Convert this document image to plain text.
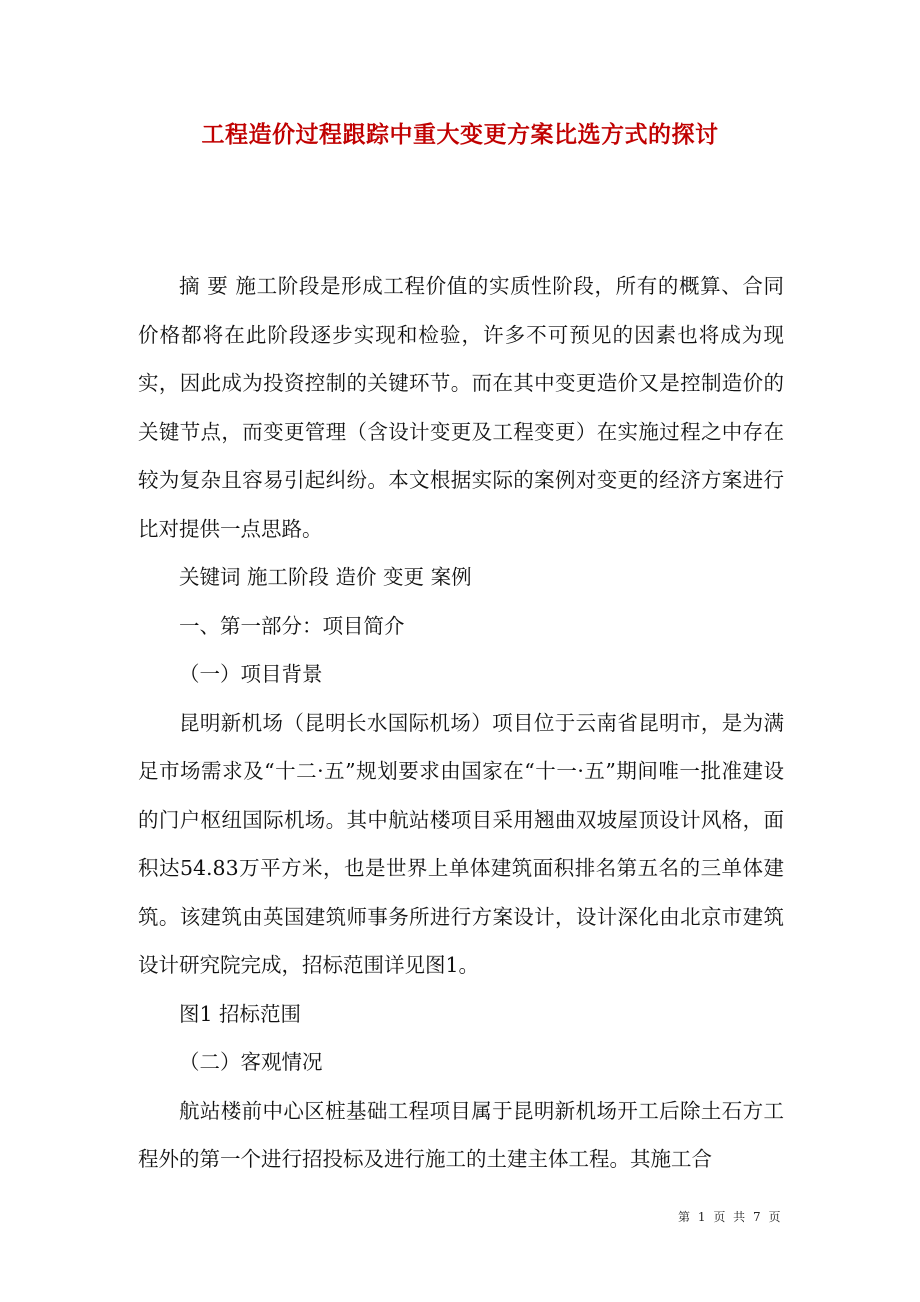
工程造价过程跟踪中重大变更方案比选方式的探讨

摘 要 施工阶段是形成工程价值的实质性阶段，所有的概算、合同价格都将在此阶段逐步实现和检验，许多不可预见的因素也将成为现实，因此成为投资控制的关键环节。而在其中变更造价又是控制造价的关键节点，而变更管理（含设计变更及工程变更）在实施过程之中存在较为复杂且容易引起纠纷。本文根据实际的案例对变更的经济方案进行比对提供一点思路。

关键词 施工阶段 造价 变更 案例

一、第一部分：项目简介

（一）项目背景

昆明新机场（昆明长水国际机场）项目位于云南省昆明市，是为满足市场需求及“十二·五”规划要求由国家在“十一·五”期间唯一批准建设的门户枢纽国际机场。其中航站楼项目采用翘曲双坡屋顶设计风格，面积达54.83万平方米，也是世界上单体建筑面积排名第五名的三单体建筑。该建筑由英国建筑师事务所进行方案设计，设计深化由北京市建筑设计研究院完成，招标范围详见图1。

图1 招标范围

（二）客观情况

航站楼前中心区桩基础工程项目属于昆明新机场开工后除土石方工程外的第一个进行招投标及进行施工的土建主体工程。其施工合

第 1 页 共 7 页
